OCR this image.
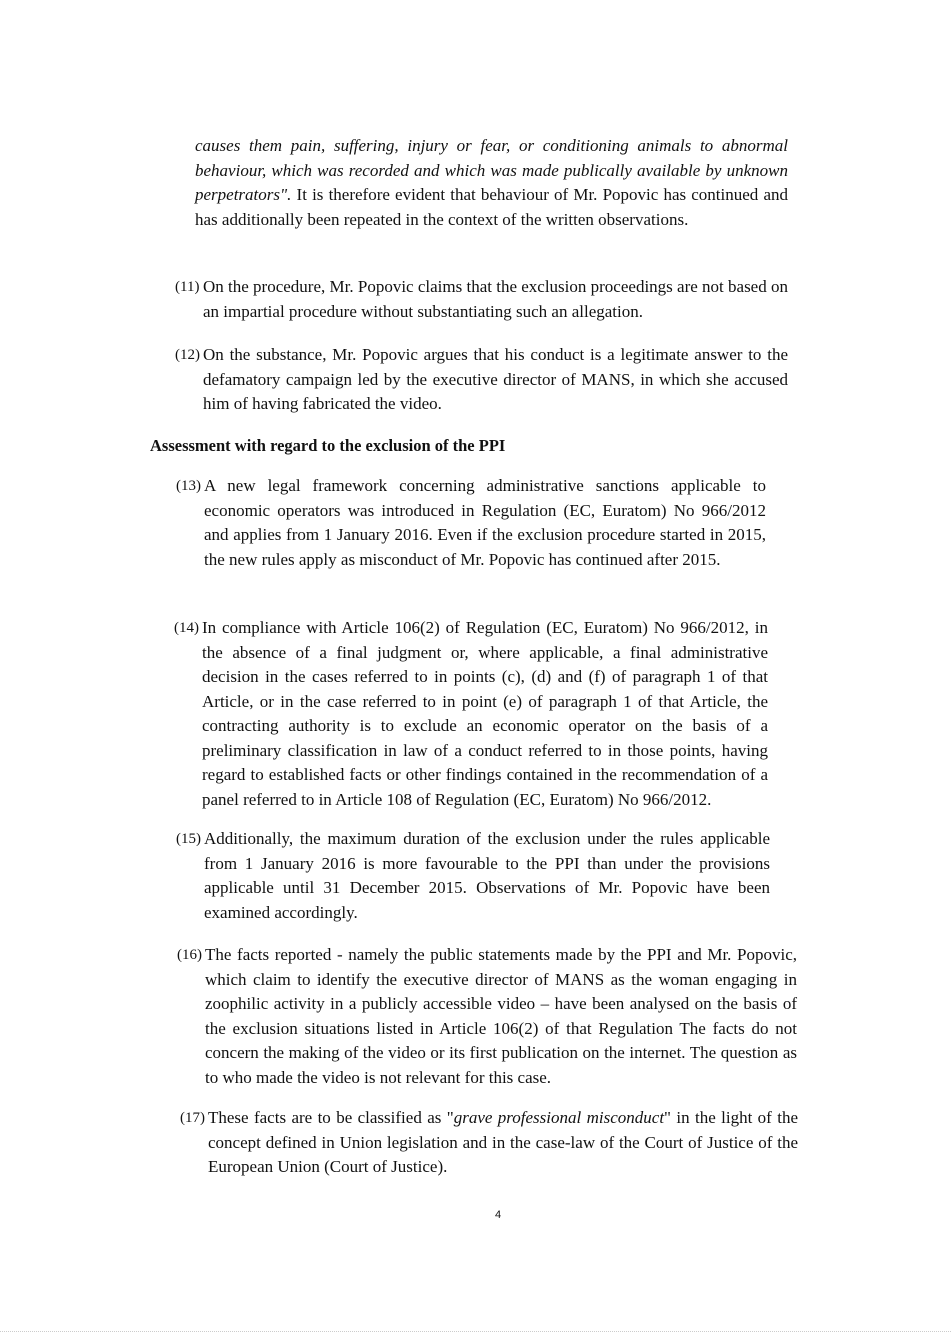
causes them pain, suffering, injury or fear, or conditioning animals to abnormal behaviour, which was recorded and which was made publically available by unknown perpetrators". It is therefore evident that behaviour of Mr. Popovic has continued and has additionally been repeated in the context of the written observations.
(11) On the procedure, Mr. Popovic claims that the exclusion proceedings are not based on an impartial procedure without substantiating such an allegation.
(12) On the substance, Mr. Popovic argues that his conduct is a legitimate answer to the defamatory campaign led by the executive director of MANS, in which she accused him of having fabricated the video.
Assessment with regard to the exclusion of the PPI
(13) A new legal framework concerning administrative sanctions applicable to economic operators was introduced in Regulation (EC, Euratom) No 966/2012 and applies from 1 January 2016. Even if the exclusion procedure started in 2015, the new rules apply as misconduct of Mr. Popovic has continued after 2015.
(14) In compliance with Article 106(2) of Regulation (EC, Euratom) No 966/2012, in the absence of a final judgment or, where applicable, a final administrative decision in the cases referred to in points (c), (d) and (f) of paragraph 1 of that Article, or in the case referred to in point (e) of paragraph 1 of that Article, the contracting authority is to exclude an economic operator on the basis of a preliminary classification in law of a conduct referred to in those points, having regard to established facts or other findings contained in the recommendation of a panel referred to in Article 108 of Regulation (EC, Euratom) No 966/2012.
(15) Additionally, the maximum duration of the exclusion under the rules applicable from 1 January 2016 is more favourable to the PPI than under the provisions applicable until 31 December 2015. Observations of Mr. Popovic have been examined accordingly.
(16) The facts reported - namely the public statements made by the PPI and Mr. Popovic, which claim to identify the executive director of MANS as the woman engaging in zoophilic activity in a publicly accessible video – have been analysed on the basis of the exclusion situations listed in Article 106(2) of that Regulation The facts do not concern the making of the video or its first publication on the internet. The question as to who made the video is not relevant for this case.
(17) These facts are to be classified as "grave professional misconduct" in the light of the concept defined in Union legislation and in the case-law of the Court of Justice of the European Union (Court of Justice).
4
